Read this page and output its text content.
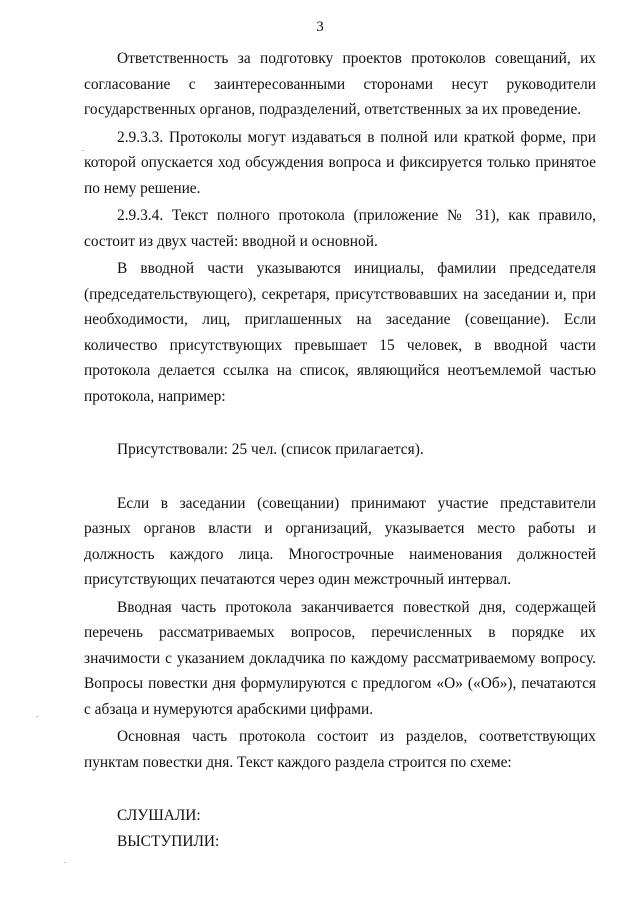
3

Ответственность за подготовку проектов протоколов совещаний, их согласование с заинтересованными сторонами несут руководители государственных органов, подразделений, ответственных за их проведение.

2.9.3.3. Протоколы могут издаваться в полной или краткой форме, при которой опускается ход обсуждения вопроса и фиксируется только принятое по нему решение.

2.9.3.4. Текст полного протокола (приложение № 31), как правило, состоит из двух частей: вводной и основной.

В вводной части указываются инициалы, фамилии председателя (председательствующего), секретаря, присутствовавших на заседании и, при необходимости, лиц, приглашенных на заседание (совещание). Если количество присутствующих превышает 15 человек, в вводной части протокола делается ссылка на список, являющийся неотъемлемой частью протокола, например:

Присутствовали: 25 чел. (список прилагается).

Если в заседании (совещании) принимают участие представители разных органов власти и организаций, указывается место работы и должность каждого лица. Многострочные наименования должностей присутствующих печатаются через один межстрочный интервал.

Вводная часть протокола заканчивается повесткой дня, содержащей перечень рассматриваемых вопросов, перечисленных в порядке их значимости с указанием докладчика по каждому рассматриваемому вопросу. Вопросы повестки дня формулируются с предлогом «О» («Об»), печатаются с абзаца и нумеруются арабскими цифрами.

Основная часть протокола состоит из разделов, соответствующих пунктам повестки дня. Текст каждого раздела строится по схеме:

СЛУШАЛИ:

ВЫСТУПИЛИ:
